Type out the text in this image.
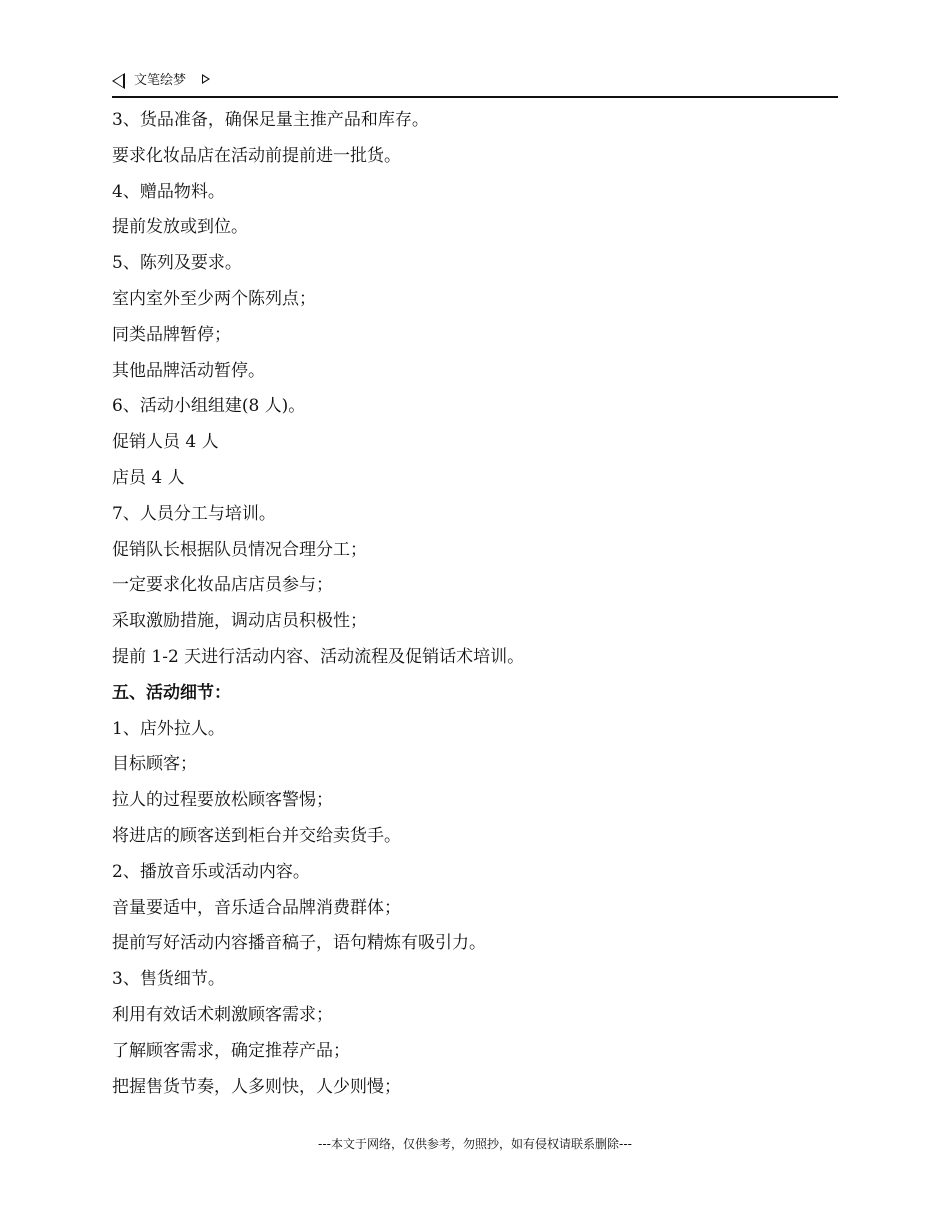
文笔绘梦
3、货品准备，确保足量主推产品和库存。
要求化妆品店在活动前提前进一批货。
4、赠品物料。
提前发放或到位。
5、陈列及要求。
室内室外至少两个陈列点；
同类品牌暂停；
其他品牌活动暂停。
6、活动小组组建(8 人)。
促销人员 4 人
店员 4 人
7、人员分工与培训。
促销队长根据队员情况合理分工；
一定要求化妆品店店员参与；
采取激励措施，调动店员积极性；
提前 1-2 天进行活动内容、活动流程及促销话术培训。
五、活动细节：
1、店外拉人。
目标顾客；
拉人的过程要放松顾客警惕；
将进店的顾客送到柜台并交给卖货手。
2、播放音乐或活动内容。
音量要适中，音乐适合品牌消费群体；
提前写好活动内容播音稿子，语句精炼有吸引力。
3、售货细节。
利用有效话术刺激顾客需求；
了解顾客需求，确定推荐产品；
把握售货节奏，人多则快，人少则慢；
---本文于网络，仅供参考，勿照抄，如有侵权请联系删除---
